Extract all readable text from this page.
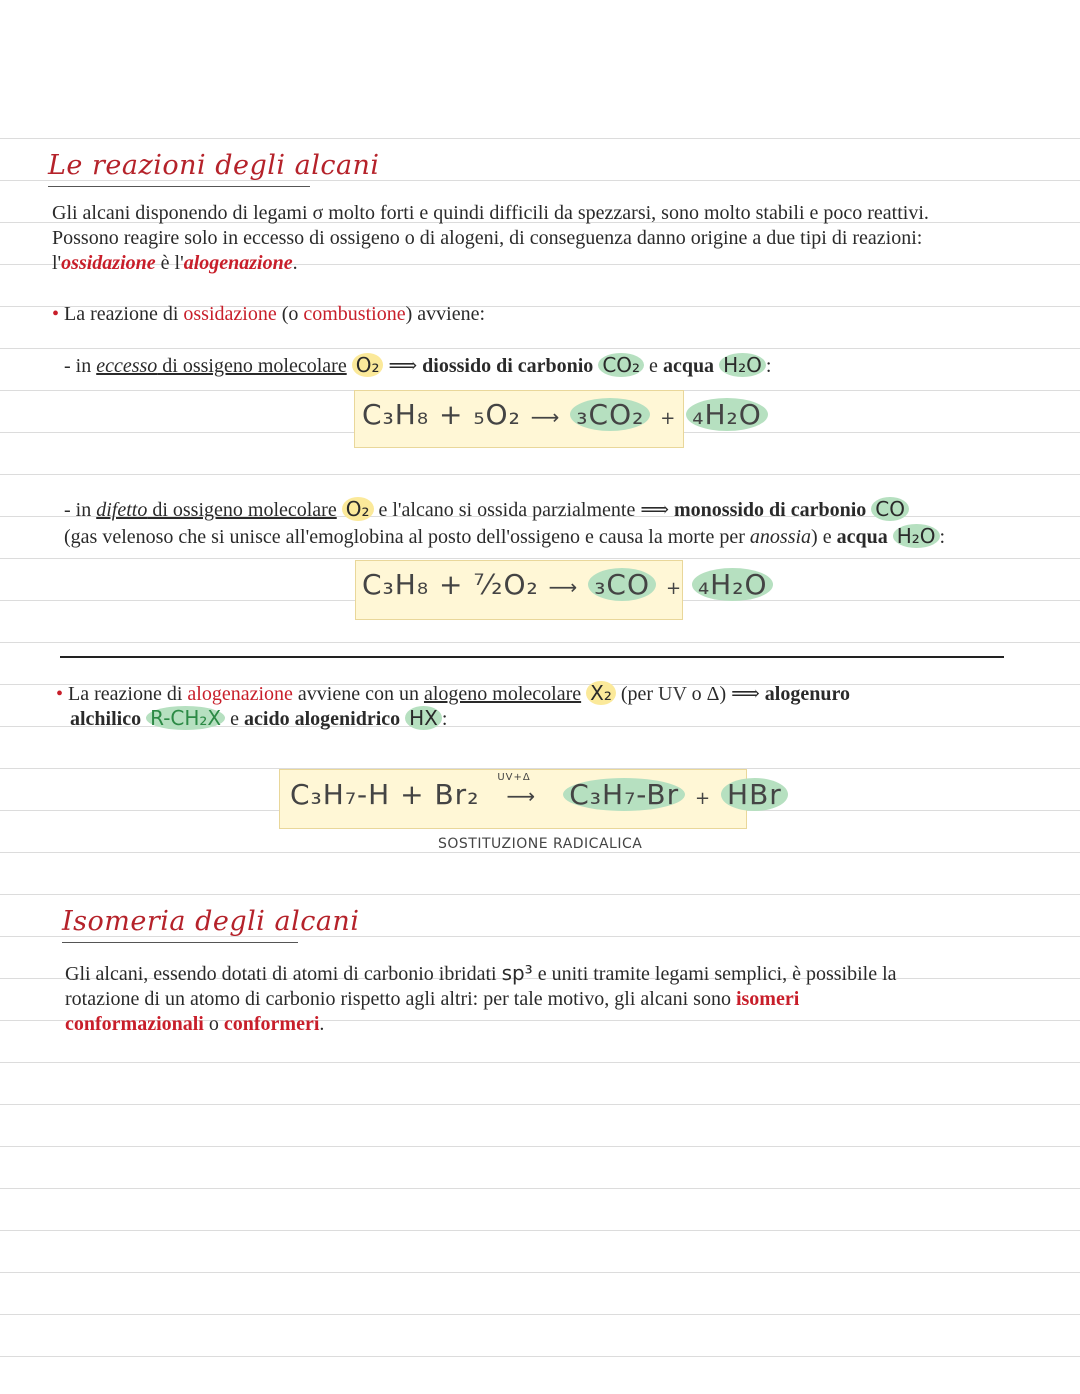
Le reazioni degli alcani
Gli alcani disponendo di legami σ molto forti e quindi difficili da spezzarsi, sono molto stabili e poco reattivi.
Possono reagire solo in eccesso di ossigeno o di alogeni, di conseguenza danno origine a due tipi di reazioni:
l'ossidazione è l'alogenazione.
• La reazione di ossidazione (o combustione) avviene:
- in eccesso di ossigeno molecolare O₂ ⟹ diossido di carbonio CO₂ e acqua H₂O :
C₃H₈ + ₅O₂ ⟶ ₃CO₂ + ₄H₂O
- in difetto di ossigeno molecolare O₂ e l'alcano si ossida parzialmente ⟹ monossido di carbonio CO
(gas velenoso che si unisce all'emoglobina al posto dell'ossigeno e causa la morte per anossia) e acqua H₂O :
C₃H₈ + ⁷⁄₂O₂ ⟶ ₃CO + ₄H₂O
• La reazione di alogenazione avviene con un alogeno molecolare X₂ (per UV o Δ) ⟹ alogenuro
alchilico R-CH₂X e acido alogenidrico HX :
C₃H₇-H + Br₂
UV+Δ
⟶ C₃H₇-Br + HBr
SOSTITUZIONE RADICALICA
Isomeria degli alcani
Gli alcani, essendo dotati di atomi di carbonio ibridati sp³ e uniti tramite legami semplici, è possibile la
rotazione di un atomo di carbonio rispetto agli altri: per tale motivo, gli alcani sono isomeri
conformazionali o conformeri.
